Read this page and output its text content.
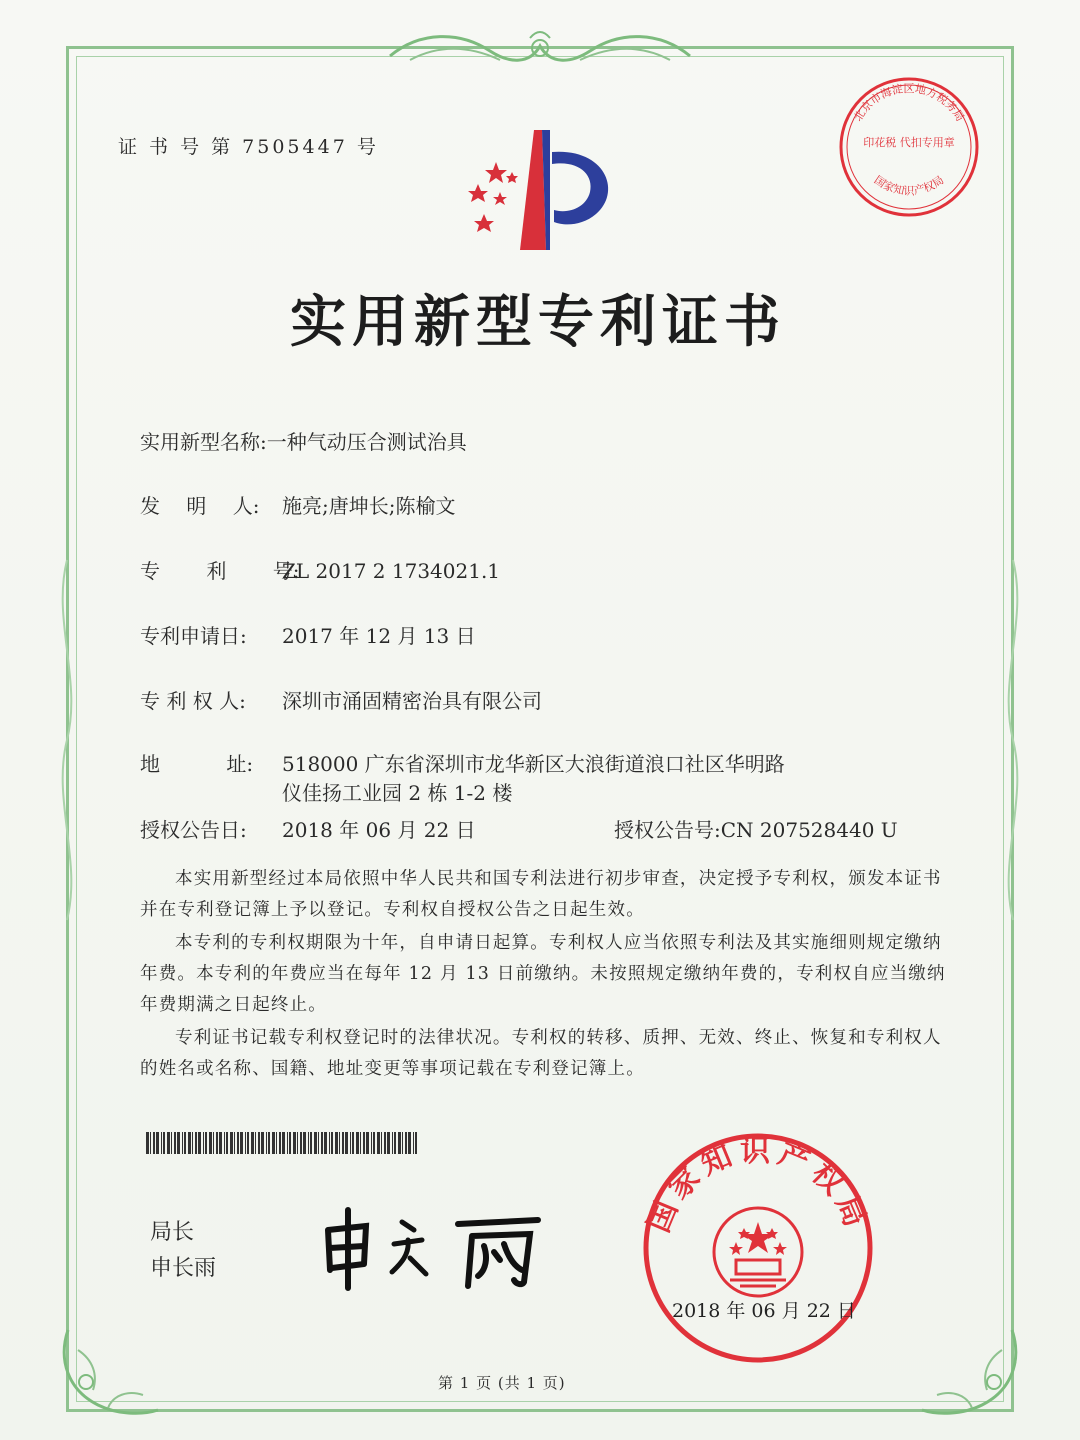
证 书 号 第 7505447 号
北京市海淀区地方税务局
印花税 代扣专用章
国家知识产权局
实用新型专利证书
实用新型名称:一种气动压合测试治具
发　 明　 人: 施亮;唐坤长;陈榆文
专　　 利　　 号:ZL 2017 2 1734021.1
专利申请日: 2017 年 12 月 13 日
专 利 权 人: 深圳市涌固精密治具有限公司
地　　　 址: 518000 广东省深圳市龙华新区大浪街道浪口社区华明路
仪佳扬工业园 2 栋 1-2 楼
授权公告日: 2018 年 06 月 22 日	授权公告号:CN 207528440 U

本实用新型经过本局依照中华人民共和国专利法进行初步审查，决定授予专利权，颁发本证书并在专利登记簿上予以登记。专利权自授权公告之日起生效。

本专利的专利权期限为十年，自申请日起算。专利权人应当依照专利法及其实施细则规定缴纳年费。本专利的年费应当在每年 12 月 13 日前缴纳。未按照规定缴纳年费的，专利权自应当缴纳年费期满之日起终止。

专利证书记载专利权登记时的法律状况。专利权的转移、质押、无效、终止、恢复和专利权人的姓名或名称、国籍、地址变更等事项记载在专利登记簿上。

局长
申长雨
国家知识产权局
2018 年 06 月 22 日
第 1 页 (共 1 页)
